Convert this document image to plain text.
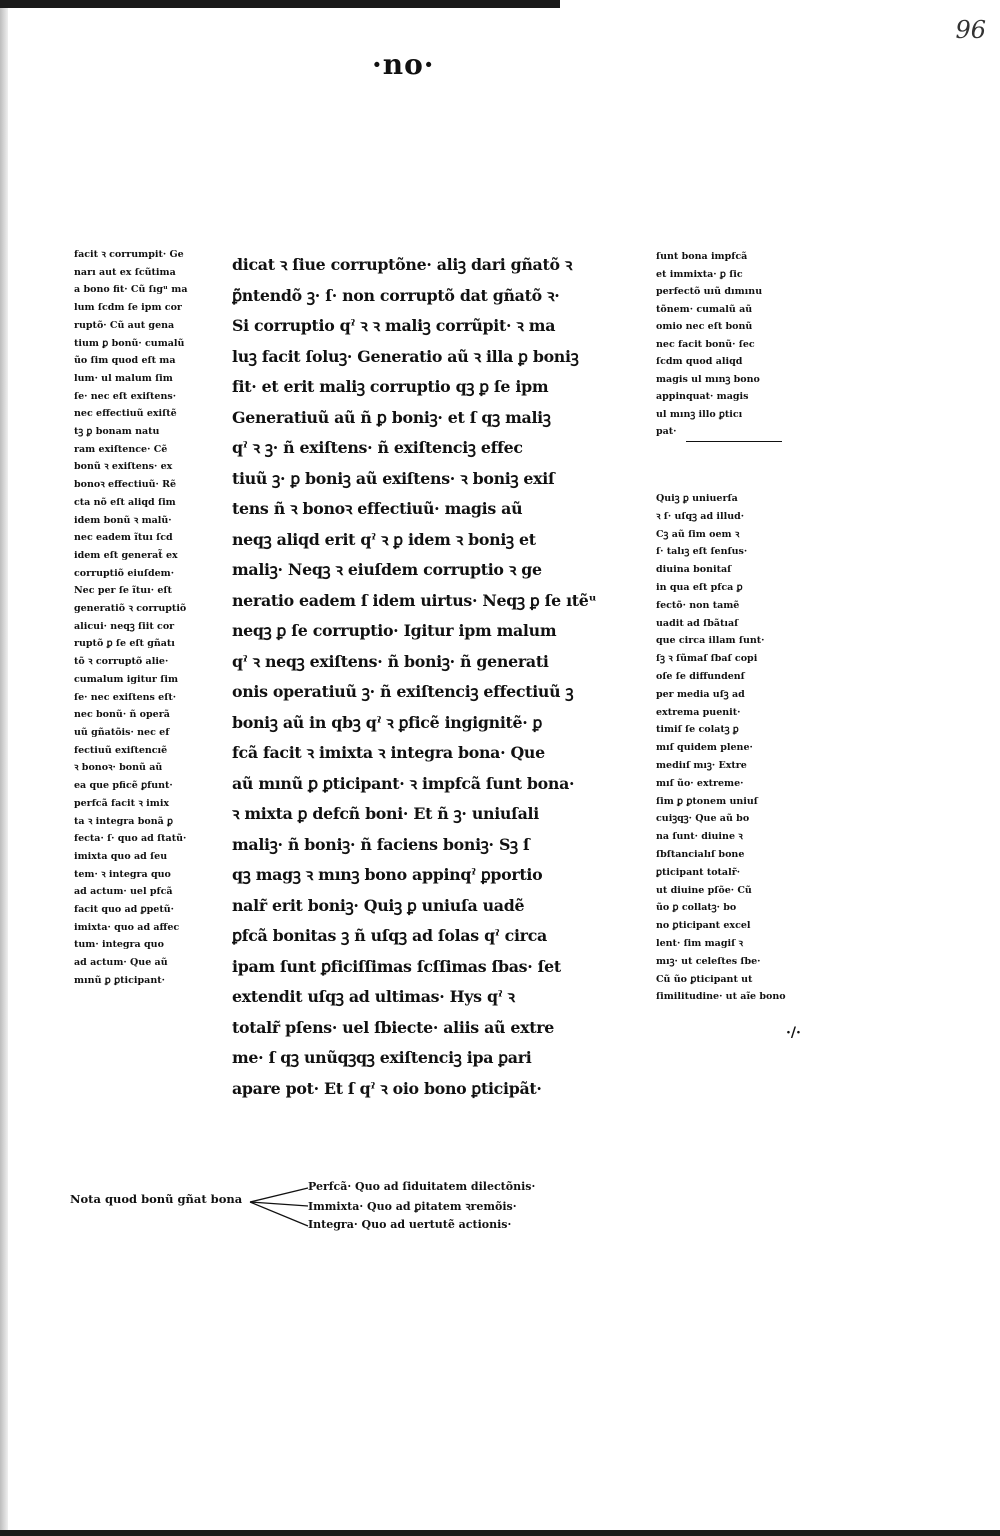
96
·no·
facit ꝛ corrumpit· Ge
narı aut ex ſcũtima
a bono fit· Cũ ſıgᵘ ma
lum ſcdm ſe ipm cor
ruptõ· Cũ aut gena
tium ꝑ bonũ· cumalũ
ũo ſim quod eſt ma
lum· ul malum ſim
ſe· nec eſt exiſtens·
nec effectiuũ exiſtẽ
tꝫ ꝑ bonam natu
ram exiſtence· Cẽ
bonũ ꝛ exiſtens· ex
bonoꝛ effectiuũ· Rẽ
cta nõ eſt aliqd ſim
idem bonũ ꝛ malũ·
nec eadem ĩtuı ſcd
idem eſt generat̃ ex
corruptiõ eiuſdem·
Nec per ſe ĩtuı· eſt
generatiõ ꝛ corruptiõ
alicui· neqꝫ ſiit cor
ruptõ ꝑ ſe eſt gñatı
tõ ꝛ corruptõ alie·
cumalum igitur ſim
ſe· nec exiſtens eſt·
nec bonũ· ñ operã
uũ gñatõis· nec ef
fectiuũ exiſtencıẽ
ꝛ bonoꝛ· bonũ aũ
ea que pficẽ ꝑfunt·
perfcã facit ꝛ imix
ta ꝛ integra bonã ꝑ
fecta· ſ· quo ad ſtatũ·
imixta quo ad ſeu
tem· ꝛ integra quo
ad actum· uel pfcã
facit quo ad ꝑpetũ·
imixta· quo ad affec
tum· integra quo
ad actum· Que aũ
mınũ ꝑ ꝑticipant·
dicat ꝛ ſiue corruptõne· aliꝫ dari gñatõ ꝛ
ꝑ̃ntendõ ꝫ· ſ· non corruptõ dat gñatõ ꝛ·
Si corruptio qˀ ꝛ ꝛ maliꝫ corrũpit· ꝛ ma
luꝫ facit ſoluꝫ· Generatio aũ ꝛ illa ꝑ boniꝫ
fit· et erit maliꝫ corruptio qꝫ ꝑ ſe ipm
Generatiuũ aũ ñ ꝑ boniꝫ· et ſ qꝫ maliꝫ
qˀ ꝛ ꝫ· ñ exiſtens· ñ exiſtenciꝫ effec
tiuũ ꝫ· ꝑ boniꝫ aũ exiſtens· ꝛ boniꝫ exiſ
tens ñ ꝛ bonoꝛ effectiuũ· magis aũ
neqꝫ aliqd erit qˀ ꝛ ꝑ idem ꝛ boniꝫ et
maliꝫ· Neqꝫ ꝛ eiuſdem corruptio ꝛ ge
neratio eadem ſ idem uirtus· Neqꝫ ꝑ ſe ıtẽᵘ
neqꝫ ꝑ ſe corruptio· Igitur ipm malum
qˀ ꝛ neqꝫ exiſtens· ñ boniꝫ· ñ generati
onis operatiuũ ꝫ· ñ exiſtenciꝫ effectiuũ ꝫ
boniꝫ aũ in qbꝫ qˀ ꝛ ꝑficẽ ingignitẽ· ꝑ
fcã facit ꝛ imixta ꝛ integra bona· Que
aũ mınũ ꝑ ꝑticipant· ꝛ impfcã ſunt bona·
ꝛ mixta ꝑ defcñ boni· Et ñ ꝫ· uniuſali
maliꝫ· ñ boniꝫ· ñ faciens boniꝫ· Sꝫ ſ
qꝫ magꝫ ꝛ mınꝫ bono appinqˀ ꝑportio
nalr̃ erit boniꝫ· Quiꝫ ꝑ uniuſa uadẽ
ꝑfcã bonitas ꝫ ñ uſqꝫ ad ſolas qˀ circa
ipam ſunt ꝑficiſſimas ſcſſimas ſbas· ſet
extendit uſqꝫ ad ultimas· Hys qˀ ꝛ
totalr̃ pſens· uel ſbiecte· aliis aũ extre
me· ſ qꝫ unũqꝫqꝫ exiſtenciꝫ ipa ꝑari
apare pot· Et ſ qˀ ꝛ oio bono ꝑticipãt·
ſunt bona impfcã
et immixta· ꝑ ſic
perfectõ uıũ dımınu
tõnem· cumalũ aũ
omio nec eſt bonũ
nec facit bonũ· ſec
ſcdm quod aliqd
magis ul mınꝫ bono
appinquat· magis
ul mınꝫ illo ꝑticı
pat·
Quiꝫ ꝑ uniuerſa
ꝛ ſ· uſqꝫ ad illud·
Cꝫ aũ ſim oem ꝛ
ſ· talıꝫ eſt ſenſus·
diuina bonitaſ
in qua eſt pfca ꝑ
fectõ· non tamẽ
uadit ad ſbãtıaſ
que circa illam ſunt·
ſꝫ ꝛ ſũmaſ ſbaſ copi
oſe ſe diffundenſ
per media uſꝫ ad
extrema puenit·
timiſ ſe colatꝫ ꝑ
mıſ quidem plene·
mediıſ mıꝫ· Extre
mıſ ũo· extreme·
ſim ꝑ ꝑtonem uniuſ
cuiꝫqꝫ· Que aũ bo
na ſunt· diuine ꝛ
ſbſtancialıſ bone
ꝑticipant totalr̃·
ut diuine pſõe· Cũ
ũo ꝑ collatꝫ· bo
no ꝑticipant excel
lent· ſim magiſ ꝛ
mıꝫ· ut celeſtes ſbe·
Cũ ũo ꝑticipant ut
ſimilitudine· ut aĩe bono
·/·
Nota quod bonũ gñat bona
Perfcã· Quo ad ſiduitatem dilectõnis·
Immixta· Quo ad ꝑitatem ꝛremõis·
Integra· Quo ad uertutẽ actionis·
